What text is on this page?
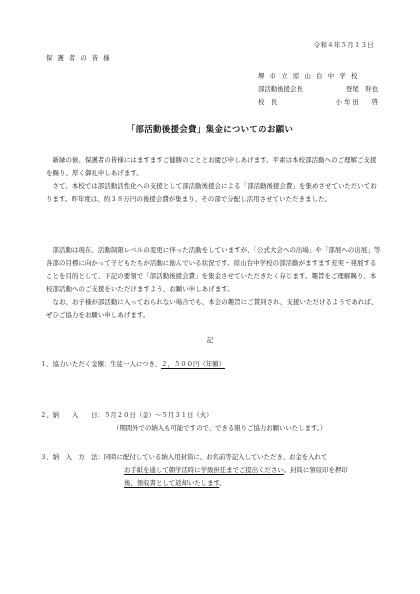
令和４年５月１３日
保 護 者 の 皆 様
堺 市 立 原 山 台 中 学 校
部活動後援会長	登尾　幹也
校　長	小 牟 田　　啓
「部活動後援会費」集金についてのお願い
　新緑の候、保護者の皆様にはますますご健勝のこととお慶び申しあげます。平素は本校部活動へのご理解ご支援を賜り、厚く御礼申しあげます。
　さて、本校では部活動活性化への支援として部活動後援会による「部活動後援会費」を集めさせていただいております。昨年度は、約３８万円の後援会費が集まり、その部で分配し活用させていただきました。
　部活動は現在、活動制限レベルの変更に伴った活動をしていますが、「公式大会への出場」や「部展への出展」等各部の目標に向かって子どもたちが活動に励んでいる状況です。原山台中学校の部活動がますます充実・発展することを目的として、下記の要領で「部活動後援会費」を集金させていただきたく存じます。趣旨をご理解賜り、本校部活動へのご支援をいただけますよう、お願い申しあげます。
　なお、お子様が部活動に入っておられない場合でも、本会の趣旨にご賛同され、支援いただけるようであれば、ぜひご協力をお願い申しあげます。
記
１、協力いただく金額：生徒一人につき、２，５００円（年額）
２、納　　入　　日：５月２０日（金）～５月３１日（火）
（期間外での納入も可能ですので、できる限りご協力お願いいたします。）
３、納　入　方　法：同時に配付している納入用封筒に、お名前等記入していただき、お金を入れて
お手紙を通して朝学活時に学級担任までご提出ください。封筒に領収印を押印
後、領収書として返却いたします。
